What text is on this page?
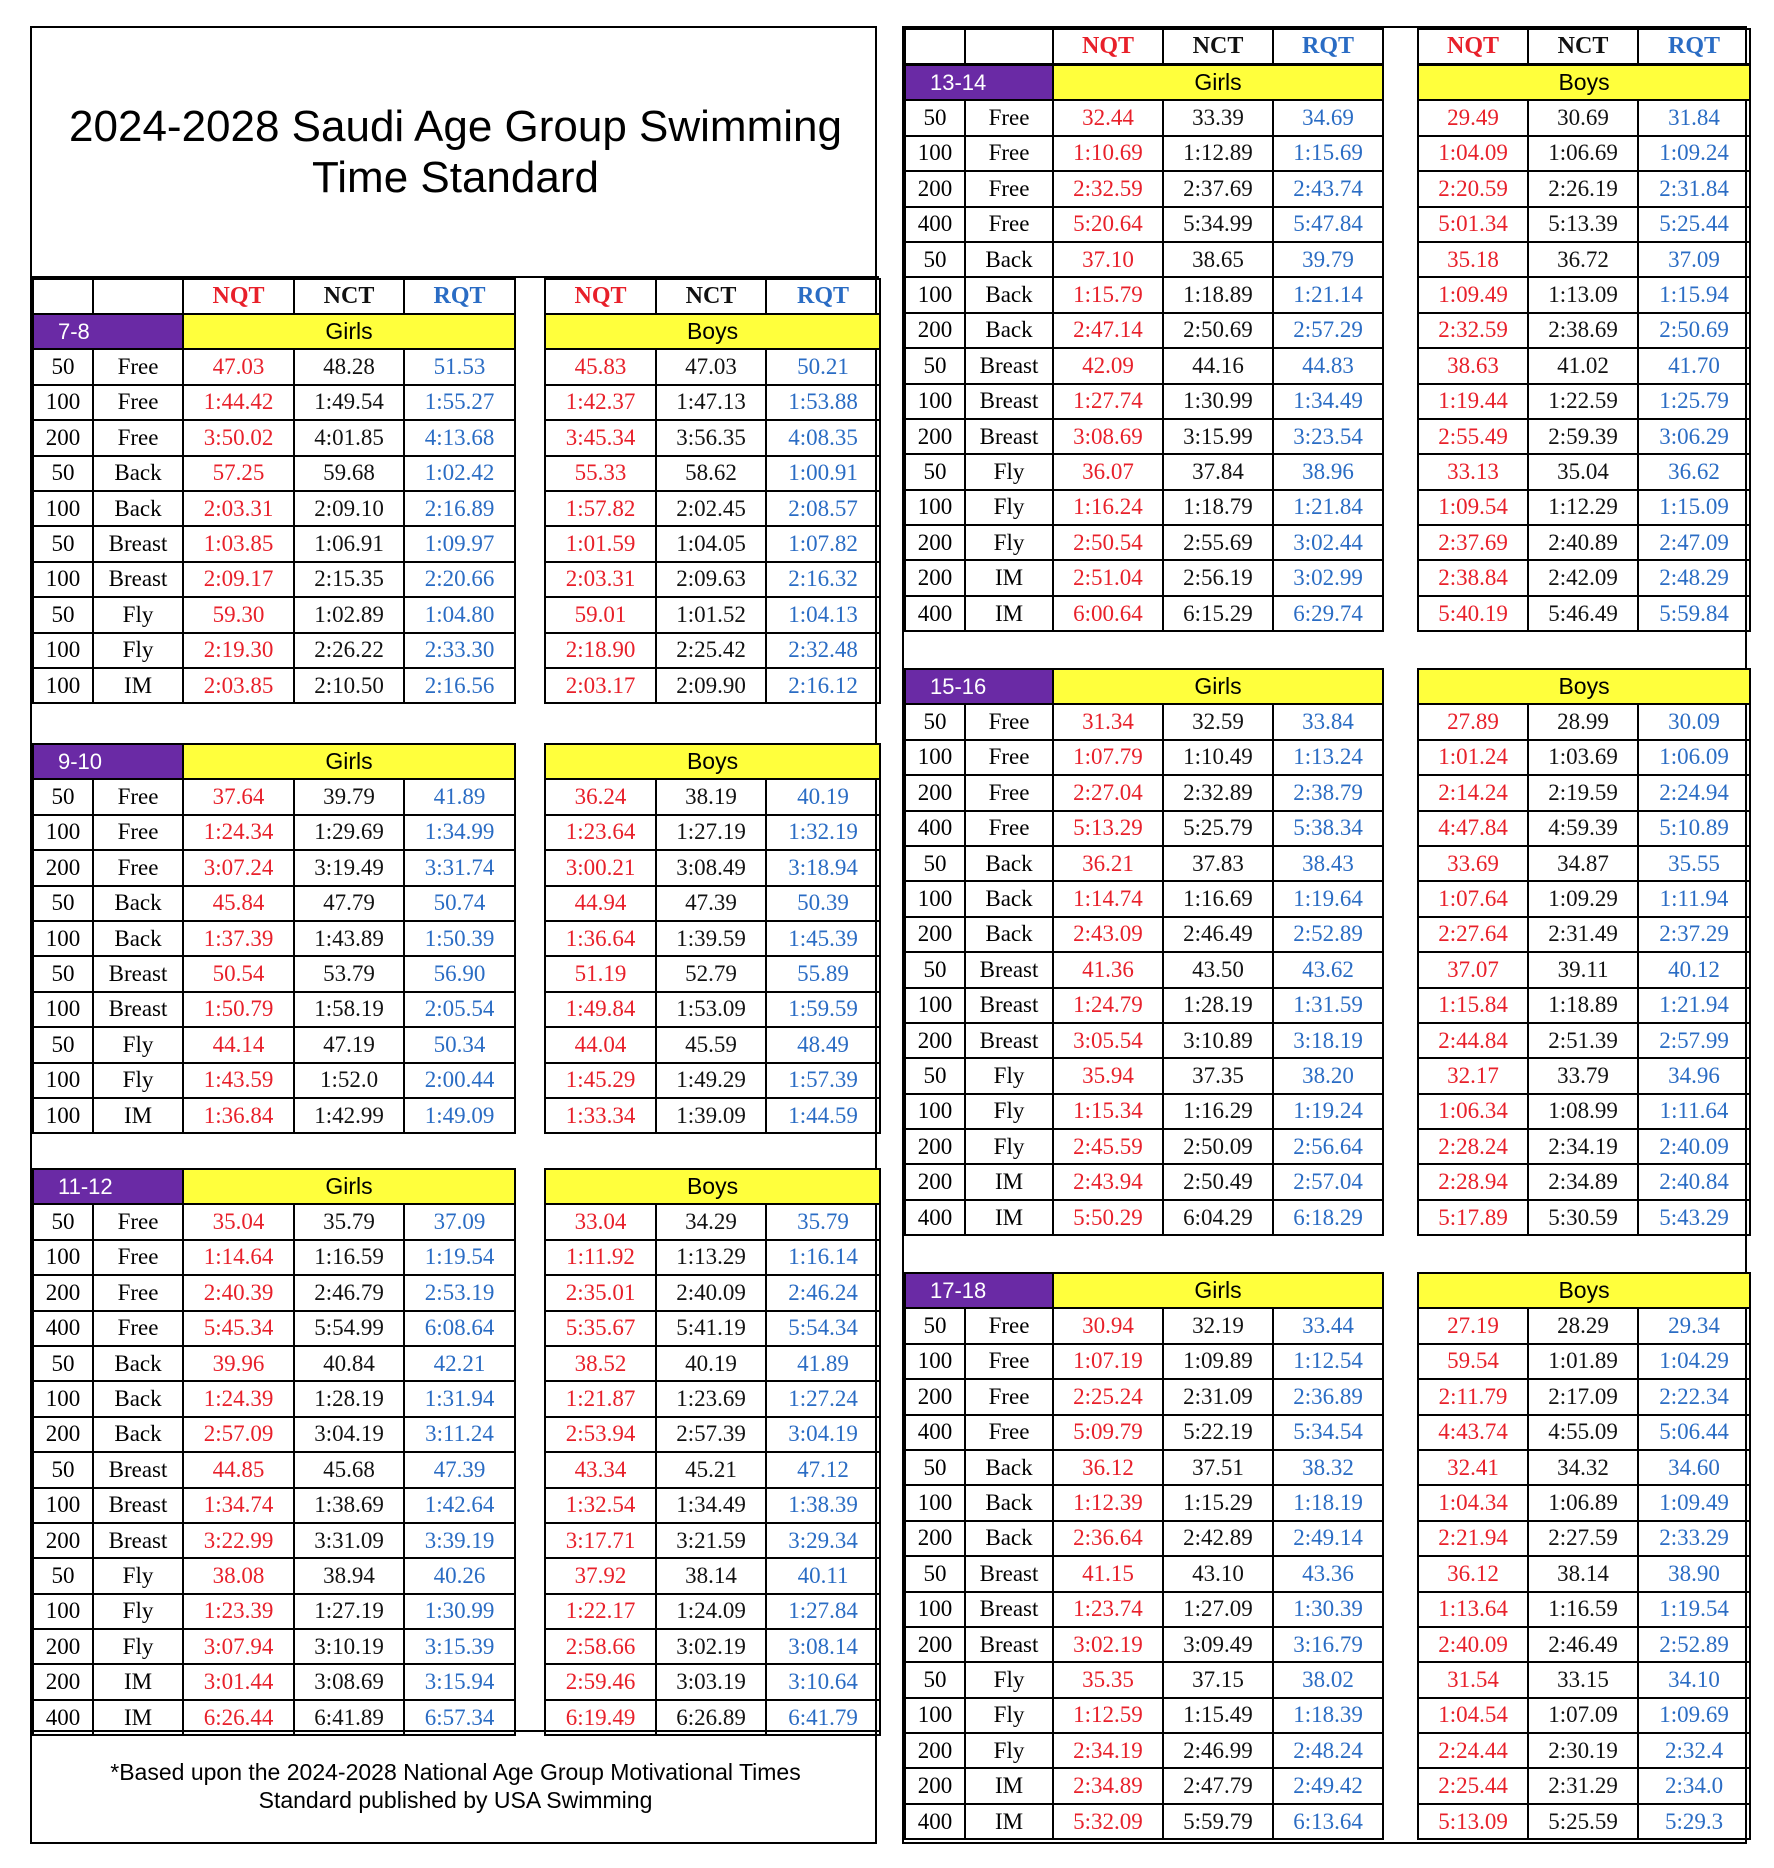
2024-2028 Saudi Age Group Swimming
Time Standard
		NQT	NCT	RQT		NQT	NCT	RQT
7-8		Girls				Boys		
50	Free	47.03	48.28	51.53		45.83	47.03	50.21
100	Free	1:44.42	1:49.54	1:55.27		1:42.37	1:47.13	1:53.88
200	Free	3:50.02	4:01.85	4:13.68		3:45.34	3:56.35	4:08.35
50	Back	57.25	59.68	1:02.42		55.33	58.62	1:00.91
100	Back	2:03.31	2:09.10	2:16.89		1:57.82	2:02.45	2:08.57
50	Breast	1:03.85	1:06.91	1:09.97		1:01.59	1:04.05	1:07.82
100	Breast	2:09.17	2:15.35	2:20.66		2:03.31	2:09.63	2:16.32
50	Fly	59.30	1:02.89	1:04.80		59.01	1:01.52	1:04.13
100	Fly	2:19.30	2:26.22	2:33.30		2:18.90	2:25.42	2:32.48
100	IM	2:03.85	2:10.50	2:16.56		2:03.17	2:09.90	2:16.12
9-10		Girls				Boys		
50	Free	37.64	39.79	41.89		36.24	38.19	40.19
100	Free	1:24.34	1:29.69	1:34.99		1:23.64	1:27.19	1:32.19
200	Free	3:07.24	3:19.49	3:31.74		3:00.21	3:08.49	3:18.94
50	Back	45.84	47.79	50.74		44.94	47.39	50.39
100	Back	1:37.39	1:43.89	1:50.39		1:36.64	1:39.59	1:45.39
50	Breast	50.54	53.79	56.90		51.19	52.79	55.89
100	Breast	1:50.79	1:58.19	2:05.54		1:49.84	1:53.09	1:59.59
50	Fly	44.14	47.19	50.34		44.04	45.59	48.49
100	Fly	1:43.59	1:52.0	2:00.44		1:45.29	1:49.29	1:57.39
100	IM	1:36.84	1:42.99	1:49.09		1:33.34	1:39.09	1:44.59
11-12		Girls				Boys		
50	Free	35.04	35.79	37.09		33.04	34.29	35.79
100	Free	1:14.64	1:16.59	1:19.54		1:11.92	1:13.29	1:16.14
200	Free	2:40.39	2:46.79	2:53.19		2:35.01	2:40.09	2:46.24
400	Free	5:45.34	5:54.99	6:08.64		5:35.67	5:41.19	5:54.34
50	Back	39.96	40.84	42.21		38.52	40.19	41.89
100	Back	1:24.39	1:28.19	1:31.94		1:21.87	1:23.69	1:27.24
200	Back	2:57.09	3:04.19	3:11.24		2:53.94	2:57.39	3:04.19
50	Breast	44.85	45.68	47.39		43.34	45.21	47.12
100	Breast	1:34.74	1:38.69	1:42.64		1:32.54	1:34.49	1:38.39
200	Breast	3:22.99	3:31.09	3:39.19		3:17.71	3:21.59	3:29.34
50	Fly	38.08	38.94	40.26		37.92	38.14	40.11
100	Fly	1:23.39	1:27.19	1:30.99		1:22.17	1:24.09	1:27.84
200	Fly	3:07.94	3:10.19	3:15.39		2:58.66	3:02.19	3:08.14
200	IM	3:01.44	3:08.69	3:15.94		2:59.46	3:03.19	3:10.64
400	IM	6:26.44	6:41.89	6:57.34		6:19.49	6:26.89	6:41.79
*Based upon the 2024-2028 National Age Group Motivational Times
Standard published by USA Swimming
		NQT	NCT	RQT		NQT	NCT	RQT
13-14		Girls				Boys		
50	Free	32.44	33.39	34.69		29.49	30.69	31.84
100	Free	1:10.69	1:12.89	1:15.69		1:04.09	1:06.69	1:09.24
200	Free	2:32.59	2:37.69	2:43.74		2:20.59	2:26.19	2:31.84
400	Free	5:20.64	5:34.99	5:47.84		5:01.34	5:13.39	5:25.44
50	Back	37.10	38.65	39.79		35.18	36.72	37.09
100	Back	1:15.79	1:18.89	1:21.14		1:09.49	1:13.09	1:15.94
200	Back	2:47.14	2:50.69	2:57.29		2:32.59	2:38.69	2:50.69
50	Breast	42.09	44.16	44.83		38.63	41.02	41.70
100	Breast	1:27.74	1:30.99	1:34.49		1:19.44	1:22.59	1:25.79
200	Breast	3:08.69	3:15.99	3:23.54		2:55.49	2:59.39	3:06.29
50	Fly	36.07	37.84	38.96		33.13	35.04	36.62
100	Fly	1:16.24	1:18.79	1:21.84		1:09.54	1:12.29	1:15.09
200	Fly	2:50.54	2:55.69	3:02.44		2:37.69	2:40.89	2:47.09
200	IM	2:51.04	2:56.19	3:02.99		2:38.84	2:42.09	2:48.29
400	IM	6:00.64	6:15.29	6:29.74		5:40.19	5:46.49	5:59.84
15-16		Girls				Boys		
50	Free	31.34	32.59	33.84		27.89	28.99	30.09
100	Free	1:07.79	1:10.49	1:13.24		1:01.24	1:03.69	1:06.09
200	Free	2:27.04	2:32.89	2:38.79		2:14.24	2:19.59	2:24.94
400	Free	5:13.29	5:25.79	5:38.34		4:47.84	4:59.39	5:10.89
50	Back	36.21	37.83	38.43		33.69	34.87	35.55
100	Back	1:14.74	1:16.69	1:19.64		1:07.64	1:09.29	1:11.94
200	Back	2:43.09	2:46.49	2:52.89		2:27.64	2:31.49	2:37.29
50	Breast	41.36	43.50	43.62		37.07	39.11	40.12
100	Breast	1:24.79	1:28.19	1:31.59		1:15.84	1:18.89	1:21.94
200	Breast	3:05.54	3:10.89	3:18.19		2:44.84	2:51.39	2:57.99
50	Fly	35.94	37.35	38.20		32.17	33.79	34.96
100	Fly	1:15.34	1:16.29	1:19.24		1:06.34	1:08.99	1:11.64
200	Fly	2:45.59	2:50.09	2:56.64		2:28.24	2:34.19	2:40.09
200	IM	2:43.94	2:50.49	2:57.04		2:28.94	2:34.89	2:40.84
400	IM	5:50.29	6:04.29	6:18.29		5:17.89	5:30.59	5:43.29
17-18		Girls				Boys		
50	Free	30.94	32.19	33.44		27.19	28.29	29.34
100	Free	1:07.19	1:09.89	1:12.54		59.54	1:01.89	1:04.29
200	Free	2:25.24	2:31.09	2:36.89		2:11.79	2:17.09	2:22.34
400	Free	5:09.79	5:22.19	5:34.54		4:43.74	4:55.09	5:06.44
50	Back	36.12	37.51	38.32		32.41	34.32	34.60
100	Back	1:12.39	1:15.29	1:18.19		1:04.34	1:06.89	1:09.49
200	Back	2:36.64	2:42.89	2:49.14		2:21.94	2:27.59	2:33.29
50	Breast	41.15	43.10	43.36		36.12	38.14	38.90
100	Breast	1:23.74	1:27.09	1:30.39		1:13.64	1:16.59	1:19.54
200	Breast	3:02.19	3:09.49	3:16.79		2:40.09	2:46.49	2:52.89
50	Fly	35.35	37.15	38.02		31.54	33.15	34.10
100	Fly	1:12.59	1:15.49	1:18.39		1:04.54	1:07.09	1:09.69
200	Fly	2:34.19	2:46.99	2:48.24		2:24.44	2:30.19	2:32.4
200	IM	2:34.89	2:47.79	2:49.42		2:25.44	2:31.29	2:34.0
400	IM	5:32.09	5:59.79	6:13.64		5:13.09	5:25.59	5:29.3
